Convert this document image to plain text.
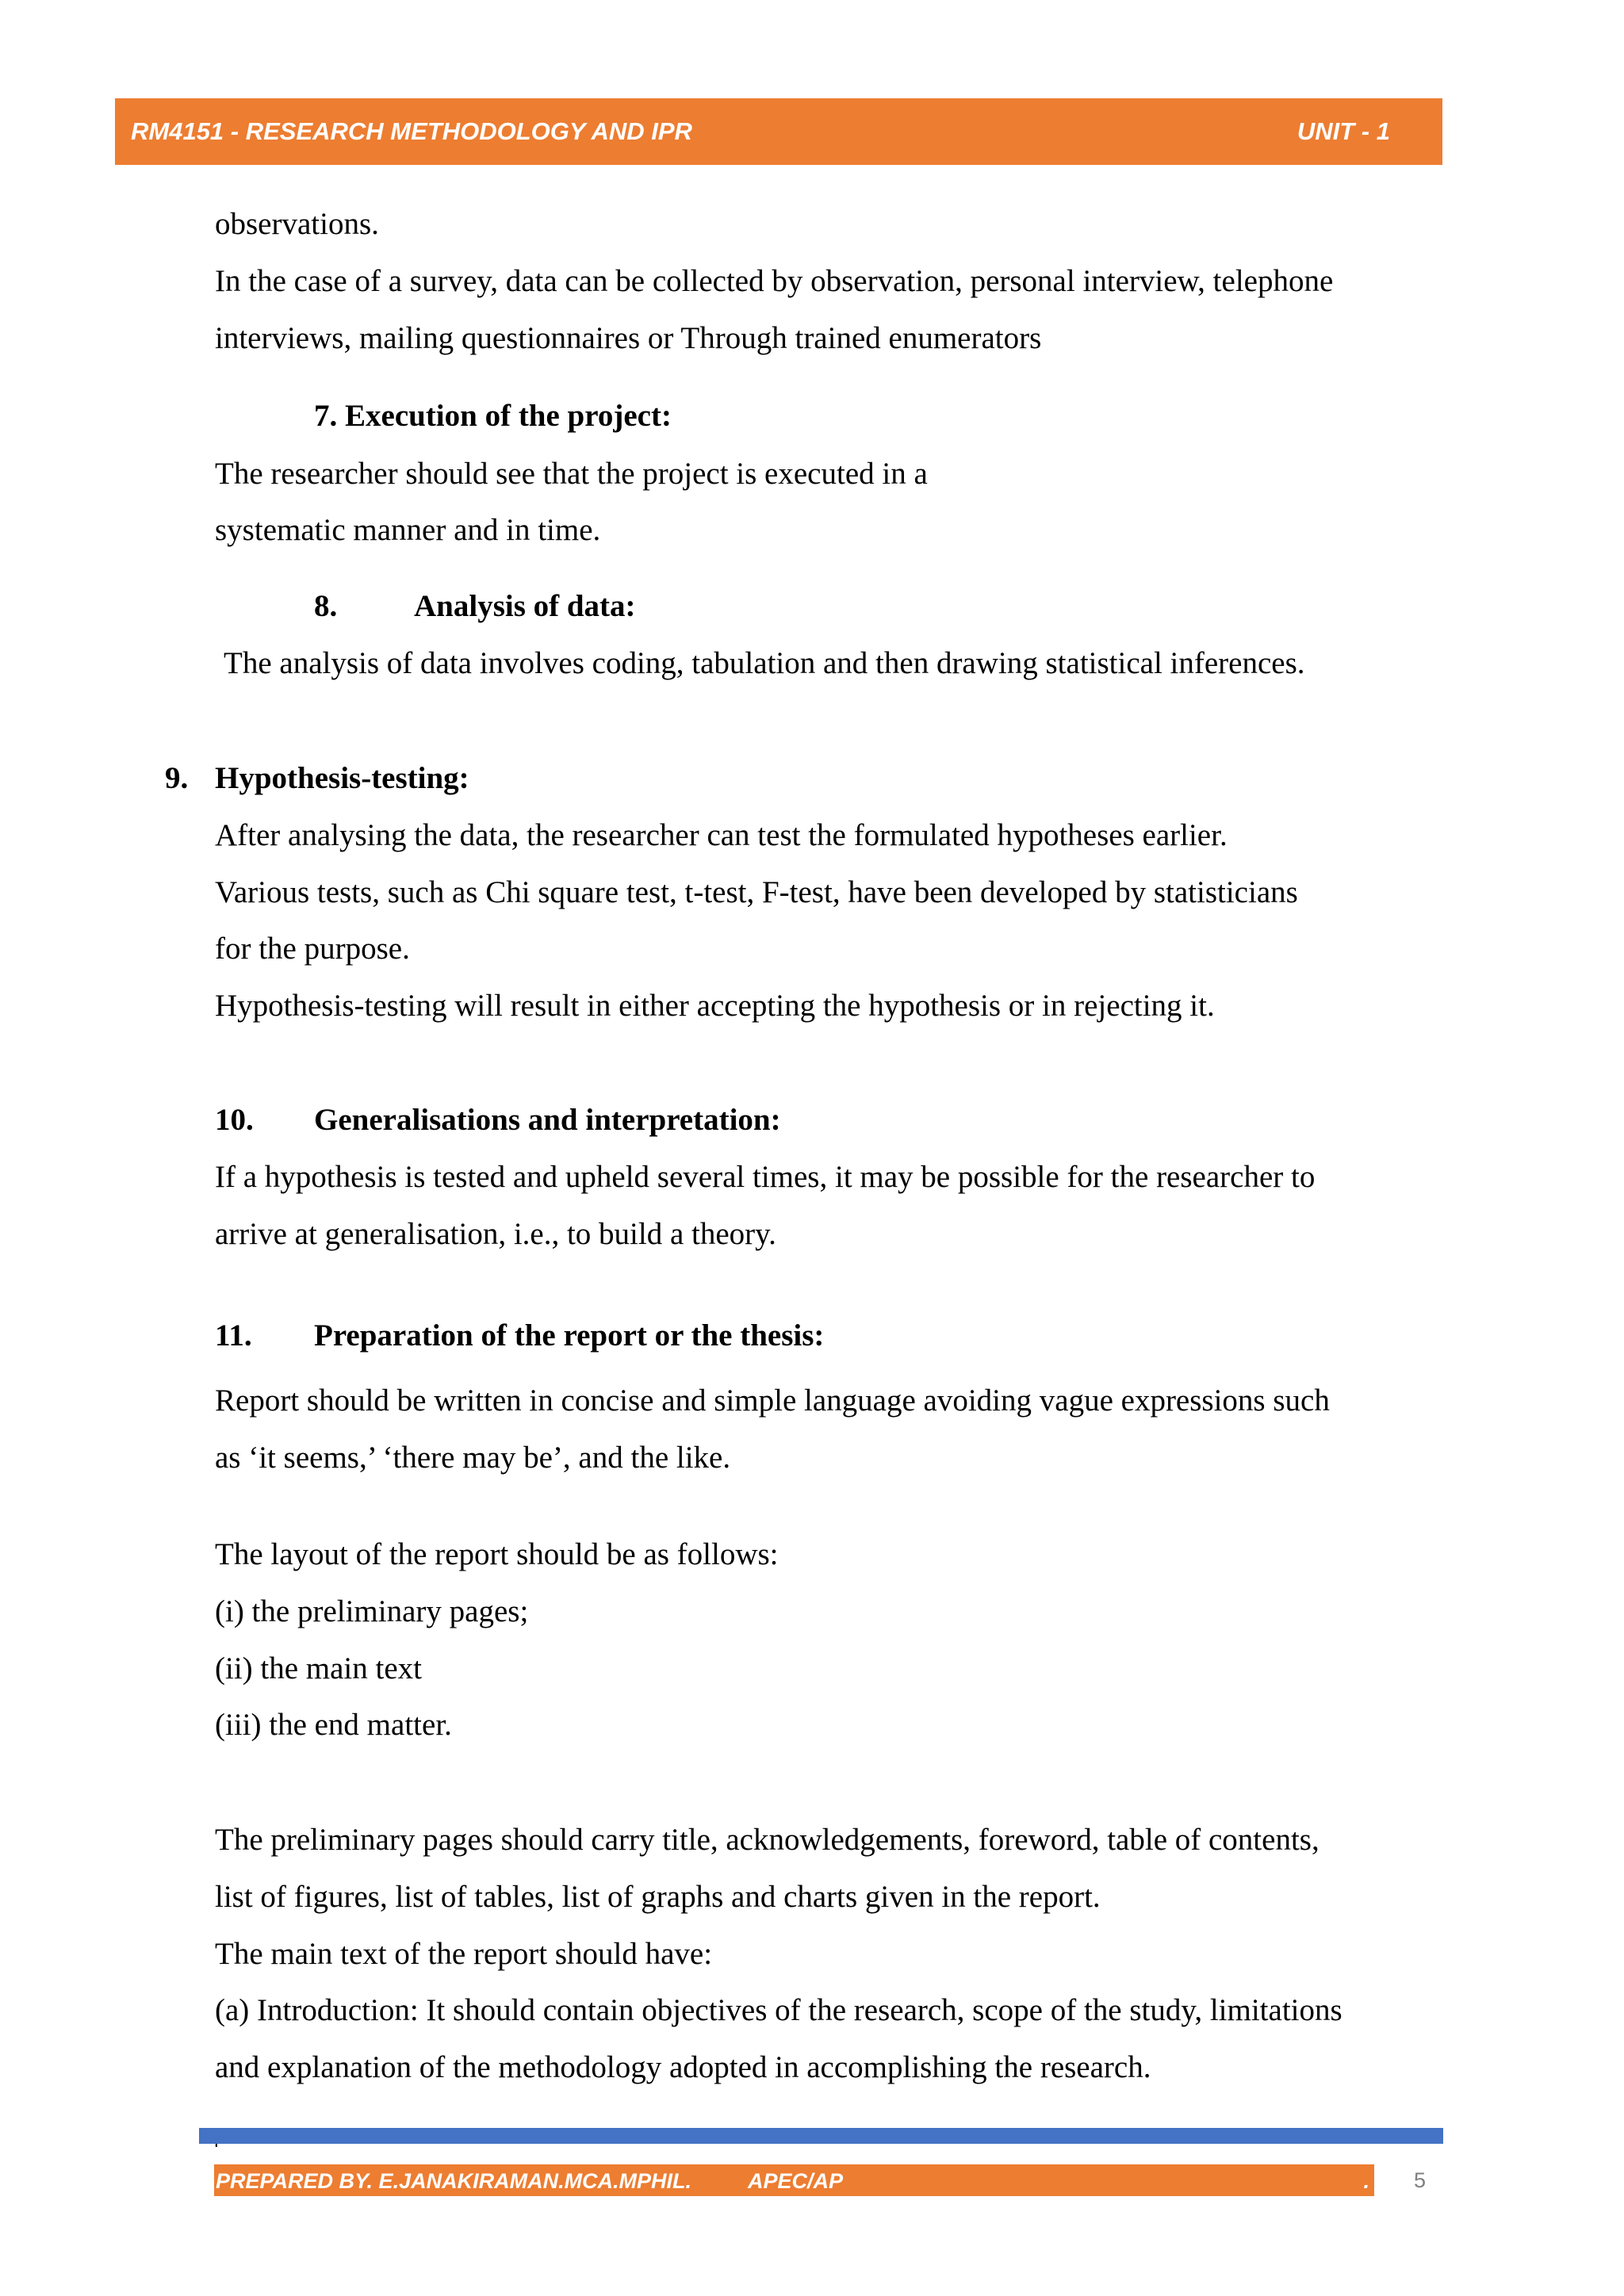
RM4151 - RESEARCH METHODOLOGY AND IPR	UNIT - 1
observations.
In the case of a survey, data can be collected by observation, personal interview, telephone
interviews, mailing questionnaires or Through trained enumerators
7. Execution of the project:
The researcher should see that the project is executed in a
systematic manner and in time.
8. Analysis of data:
The analysis of data involves coding, tabulation and then drawing statistical inferences.
9. Hypothesis-testing:
After analysing the data, the researcher can test the formulated hypotheses earlier.
Various tests, such as Chi square test, t-test, F-test, have been developed by statisticians
for the purpose.
Hypothesis-testing will result in either accepting the hypothesis or in rejecting it.
10. Generalisations and interpretation:
If a hypothesis is tested and upheld several times, it may be possible for the researcher to
arrive at generalisation, i.e., to build a theory.
11. Preparation of the report or the thesis:
Report should be written in concise and simple language avoiding vague expressions such
as ‘it seems,’ ‘there may be’, and the like.
The layout of the report should be as follows:
(i) the preliminary pages;
(ii) the main text
(iii) the end matter.
The preliminary pages should carry title, acknowledgements, foreword, table of contents,
list of figures, list of tables, list of graphs and charts given in the report.
The main text of the report should have:
(a) Introduction: It should contain objectives of the research, scope of the study, limitations
and explanation of the methodology adopted in accomplishing the research.
PREPARED BY. E.JANAKIRAMAN.MCA.MPHIL.	APEC/AP	. 5
